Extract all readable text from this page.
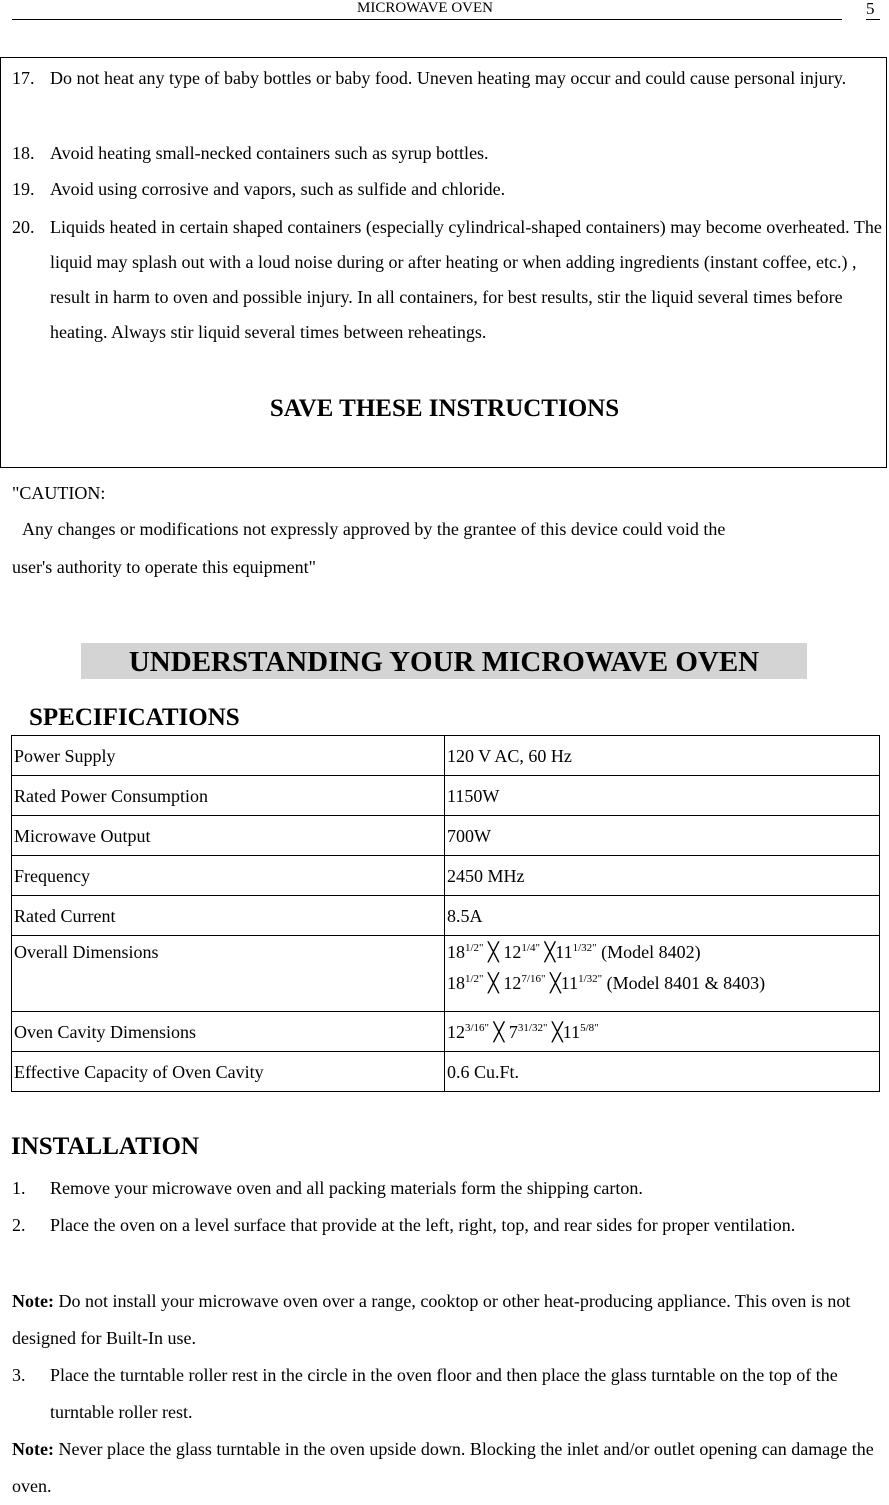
MICROWAVE OVEN	5
17. Do not heat any type of baby bottles or baby food. Uneven heating may occur and could cause personal injury.
18. Avoid heating small-necked containers such as syrup bottles.
19. Avoid using corrosive and vapors, such as sulfide and chloride.
20. Liquids heated in certain shaped containers (especially cylindrical-shaped containers) may become overheated. The liquid may splash out with a loud noise during or after heating or when adding ingredients (instant coffee, etc.) , result in harm to oven and possible injury. In all containers, for best results, stir the liquid several times before heating. Always stir liquid several times between reheatings.
SAVE THESE INSTRUCTIONS
"CAUTION:
Any changes or modifications not expressly approved by the grantee of this device could void the
user's authority to operate this equipment"
UNDERSTANDING YOUR MICROWAVE OVEN
SPECIFICATIONS
Power Supply	120 V AC, 60 Hz
Rated Power Consumption	1150W
Microwave Output	700W
Frequency	2450 MHz
Rated Current	8.5A
Overall Dimensions	$18^{1/2"}$ ╳ $12^{1/4"}$ $╳11^{1/32"}$ (Model 8402)
$18^{1/2"}$ ╳ $12^{7/16"}$ $╳11^{1/32"}$ (Model 8401 & 8403)

Oven Cavity Dimensions	$12^{3/16"}$ ╳ $7^{31/32"}$ $╳11^{5/8"}$
Effective Capacity of Oven Cavity	0.6 Cu.Ft.
INSTALLATION
1.	Remove your microwave oven and all packing materials form the shipping carton.
2.	Place the oven on a level surface that provide at the left, right, top, and rear sides for proper ventilation.
Note: Do not install your microwave oven over a range, cooktop or other heat-producing appliance. This oven is not designed for Built-In use.
3.	Place the turntable roller rest in the circle in the oven floor and then place the glass turntable on the top of the turntable roller rest.
Note: Never place the glass turntable in the oven upside down. Blocking the inlet and/or outlet opening can damage the oven.
